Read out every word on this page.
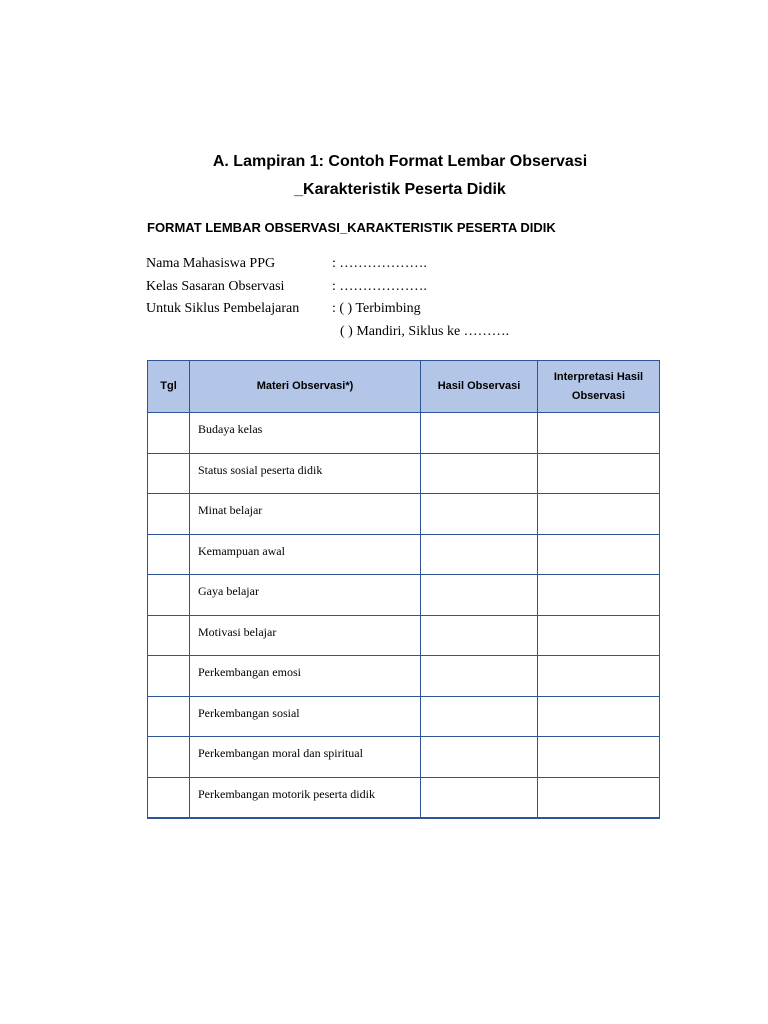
A. Lampiran 1: Contoh Format Lembar Observasi
_Karakteristik Peserta Didik
FORMAT LEMBAR OBSERVASI_KARAKTERISTIK PESERTA DIDIK
Nama Mahasiswa PPG	: ……………….
Kelas Sasaran Observasi	: ……………….
Untuk Siklus Pembelajaran : ( ) Terbimbing
( ) Mandiri, Siklus ke ……….
Tgl	Materi Observasi*)	Hasil Observasi	Interpretasi Hasil
Observasi
	Budaya kelas		
	Status sosial peserta didik		
	Minat belajar		
	Kemampuan awal		
	Gaya belajar		
	Motivasi belajar		
	Perkembangan emosi		
	Perkembangan sosial		
	Perkembangan moral dan spiritual		
	Perkembangan motorik peserta didik		
